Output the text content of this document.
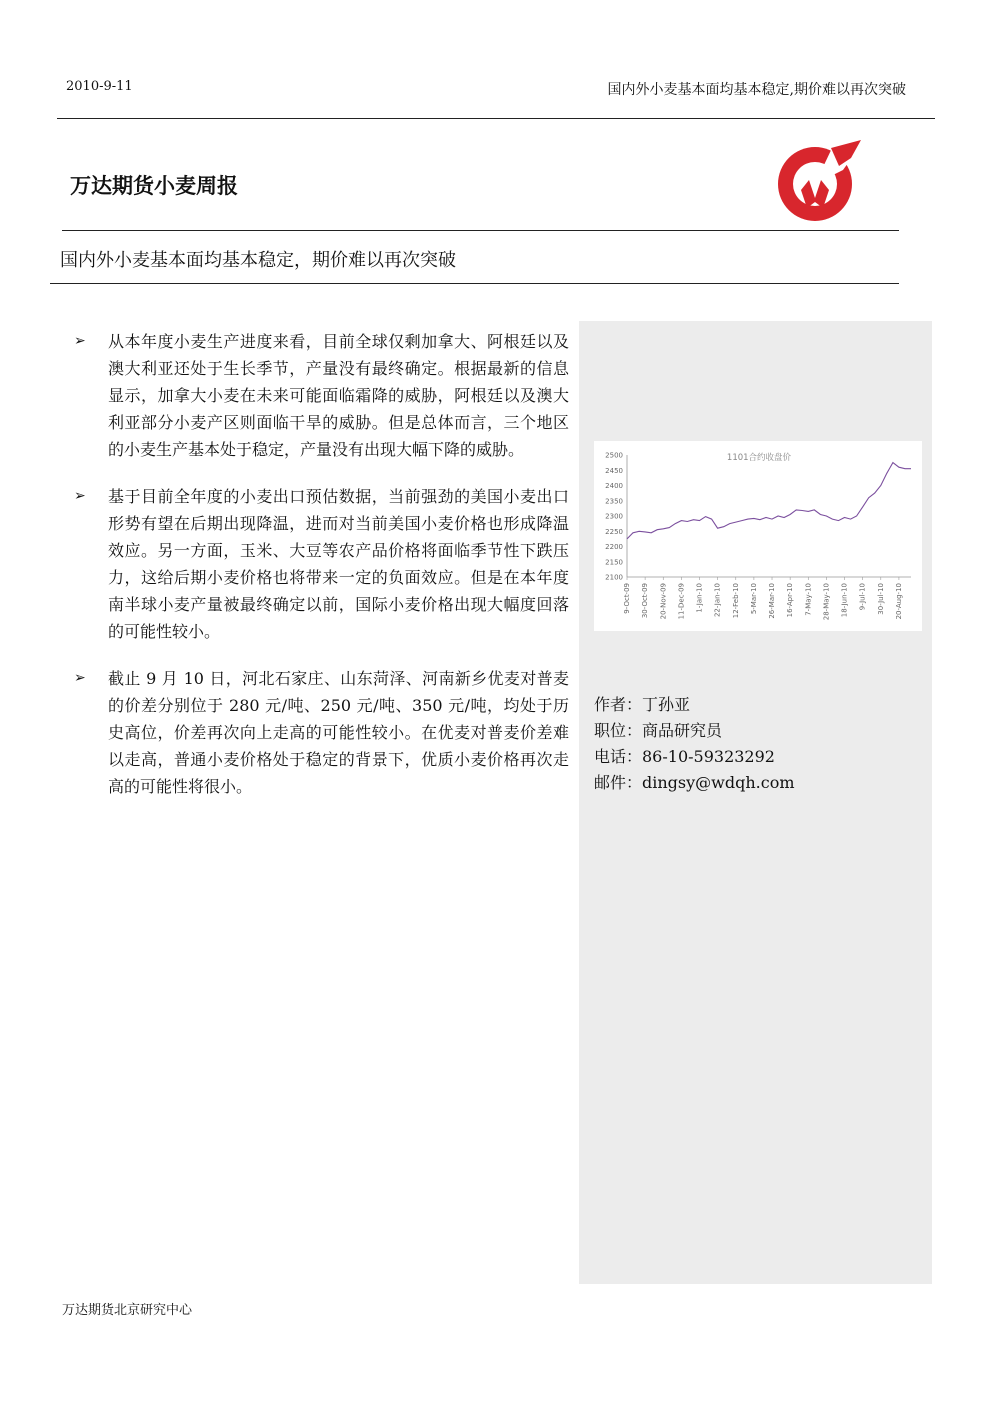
2010-9-11	国内外小麦基本面均基本稳定,期价难以再次突破
万达期货小麦周报
国内外小麦基本面均基本稳定，期价难以再次突破
➢	从本年度小麦生产进度来看，目前全球仅剩加拿大、阿根廷以及澳大利亚还处于生长季节，产量没有最终确定。根据最新的信息显示，加拿大小麦在未来可能面临霜降的威胁，阿根廷以及澳大利亚部分小麦产区则面临干旱的威胁。但是总体而言，三个地区的小麦生产基本处于稳定，产量没有出现大幅下降的威胁。
➢	基于目前全年度的小麦出口预估数据，当前强劲的美国小麦出口形势有望在后期出现降温，进而对当前美国小麦价格也形成降温效应。另一方面，玉米、大豆等农产品价格将面临季节性下跌压力，这给后期小麦价格也将带来一定的负面效应。但是在本年度南半球小麦产量被最终确定以前，国际小麦价格出现大幅度回落的可能性较小。
➢	截止 9 月 10 日，河北石家庄、山东菏泽、河南新乡优麦对普麦的价差分别位于 280 元/吨、250 元/吨、350 元/吨，均处于历史高位，价差再次向上走高的可能性较小。在优麦对普麦价差难以走高，普通小麦价格处于稳定的背景下，优质小麦价格再次走高的可能性将很小。
2100
2150
2200
2250
2300
2350
2400
2450
2500
9-Oct-09 30-Oct-09 20-Nov-09 11-Dec-09 1-Jan-10 22-Jan-10 12-Feb-10 5-Mar-10 26-Mar-10 16-Apr-10 7-May-10 28-May-10 18-Jun-10 9-Jul-10 30-Jul-10 20-Aug-10
1101合约收盘价
作者：丁孙亚
职位：商品研究员
电话：86-10-59323292
邮件：dingsy@wdqh.com
万达期货北京研究中心
